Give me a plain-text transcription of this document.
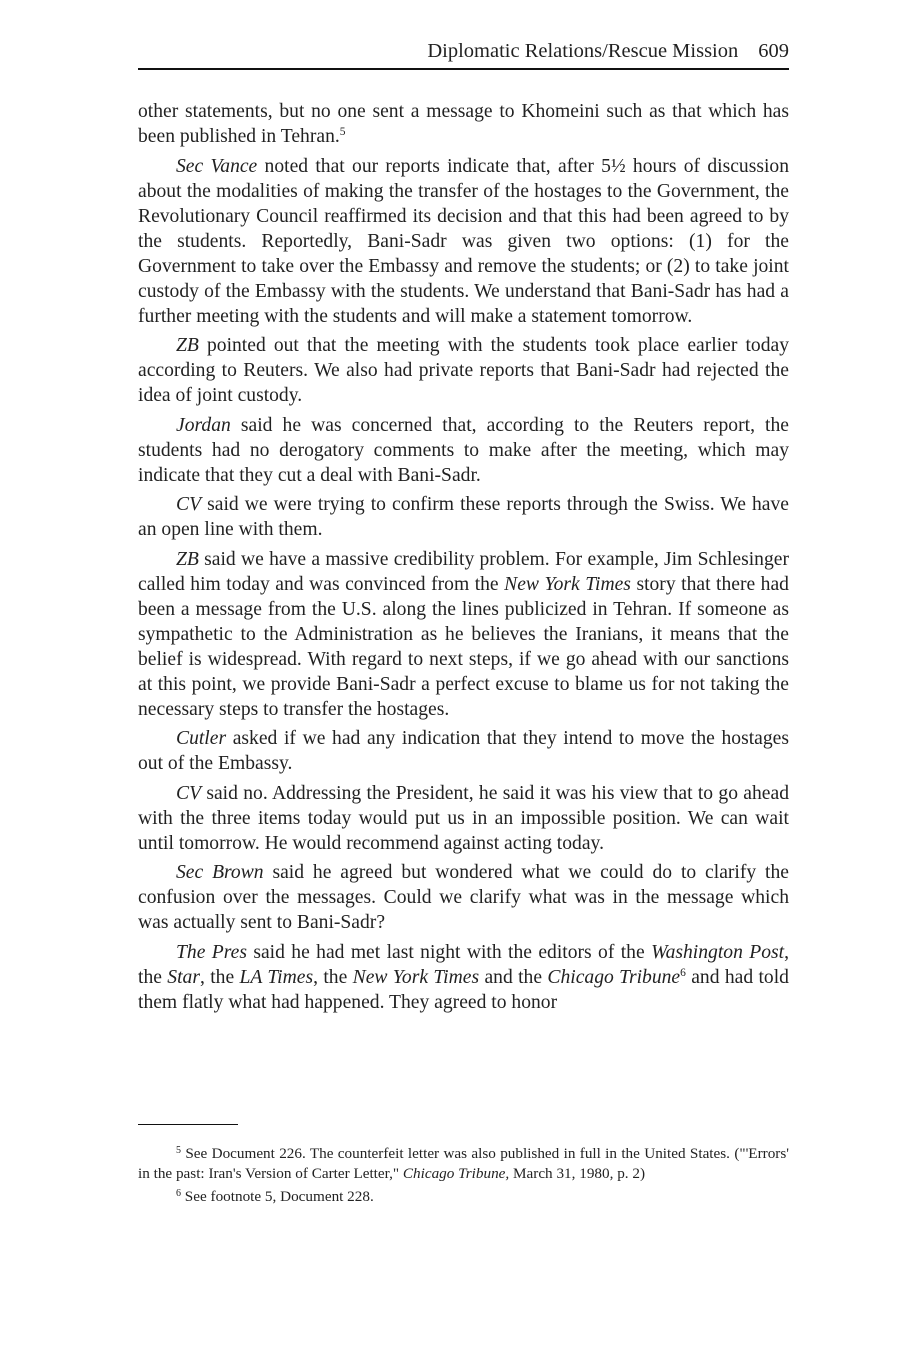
Diplomatic Relations/Rescue Mission 609

other statements, but no one sent a message to Khomeini such as that which has been published in Tehran.$^5$

Sec Vance noted that our reports indicate that, after 5½ hours of discussion about the modalities of making the transfer of the hostages to the Government, the Revolutionary Council reaffirmed its decision and that this had been agreed to by the students. Reportedly, Bani-Sadr was given two options: (1) for the Government to take over the Embassy and remove the students; or (2) to take joint custody of the Embassy with the students. We understand that Bani-Sadr has had a further meeting with the students and will make a statement tomorrow.

ZB pointed out that the meeting with the students took place earlier today according to Reuters. We also had private reports that Bani-Sadr had rejected the idea of joint custody.

Jordan said he was concerned that, according to the Reuters report, the students had no derogatory comments to make after the meeting, which may indicate that they cut a deal with Bani-Sadr.

CV said we were trying to confirm these reports through the Swiss. We have an open line with them.

ZB said we have a massive credibility problem. For example, Jim Schlesinger called him today and was convinced from the New York Times story that there had been a message from the U.S. along the lines publicized in Tehran. If someone as sympathetic to the Administration as he believes the Iranians, it means that the belief is widespread. With regard to next steps, if we go ahead with our sanctions at this point, we provide Bani-Sadr a perfect excuse to blame us for not taking the necessary steps to transfer the hostages.

Cutler asked if we had any indication that they intend to move the hostages out of the Embassy.

CV said no. Addressing the President, he said it was his view that to go ahead with the three items today would put us in an impossible position. We can wait until tomorrow. He would recommend against acting today.

Sec Brown said he agreed but wondered what we could do to clarify the confusion over the messages. Could we clarify what was in the message which was actually sent to Bani-Sadr?

The Pres said he had met last night with the editors of the Washington Post, the Star, the LA Times, the New York Times and the Chicago Tribune$^6$ and had told them flatly what had happened. They agreed to honor

$^5$ See Document 226. The counterfeit letter was also published in full in the United States. ("'Errors' in the past: Iran's Version of Carter Letter," Chicago Tribune, March 31, 1980, p. 2)

$^6$ See footnote 5, Document 228.
